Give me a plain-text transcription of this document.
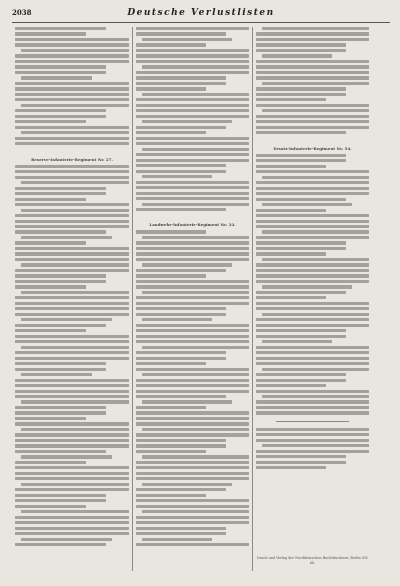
2038	Deutsche Verlustlisten
Reserve-Infanterie-Regiment Nr. 27.
Landwehr-Infanterie-Regiment Nr. 32.
Ersatz-Infanterie-Regiment Nr. 54.
Druck und Verlag der Norddeutschen Buchdruckerei, Berlin SW. 68.
